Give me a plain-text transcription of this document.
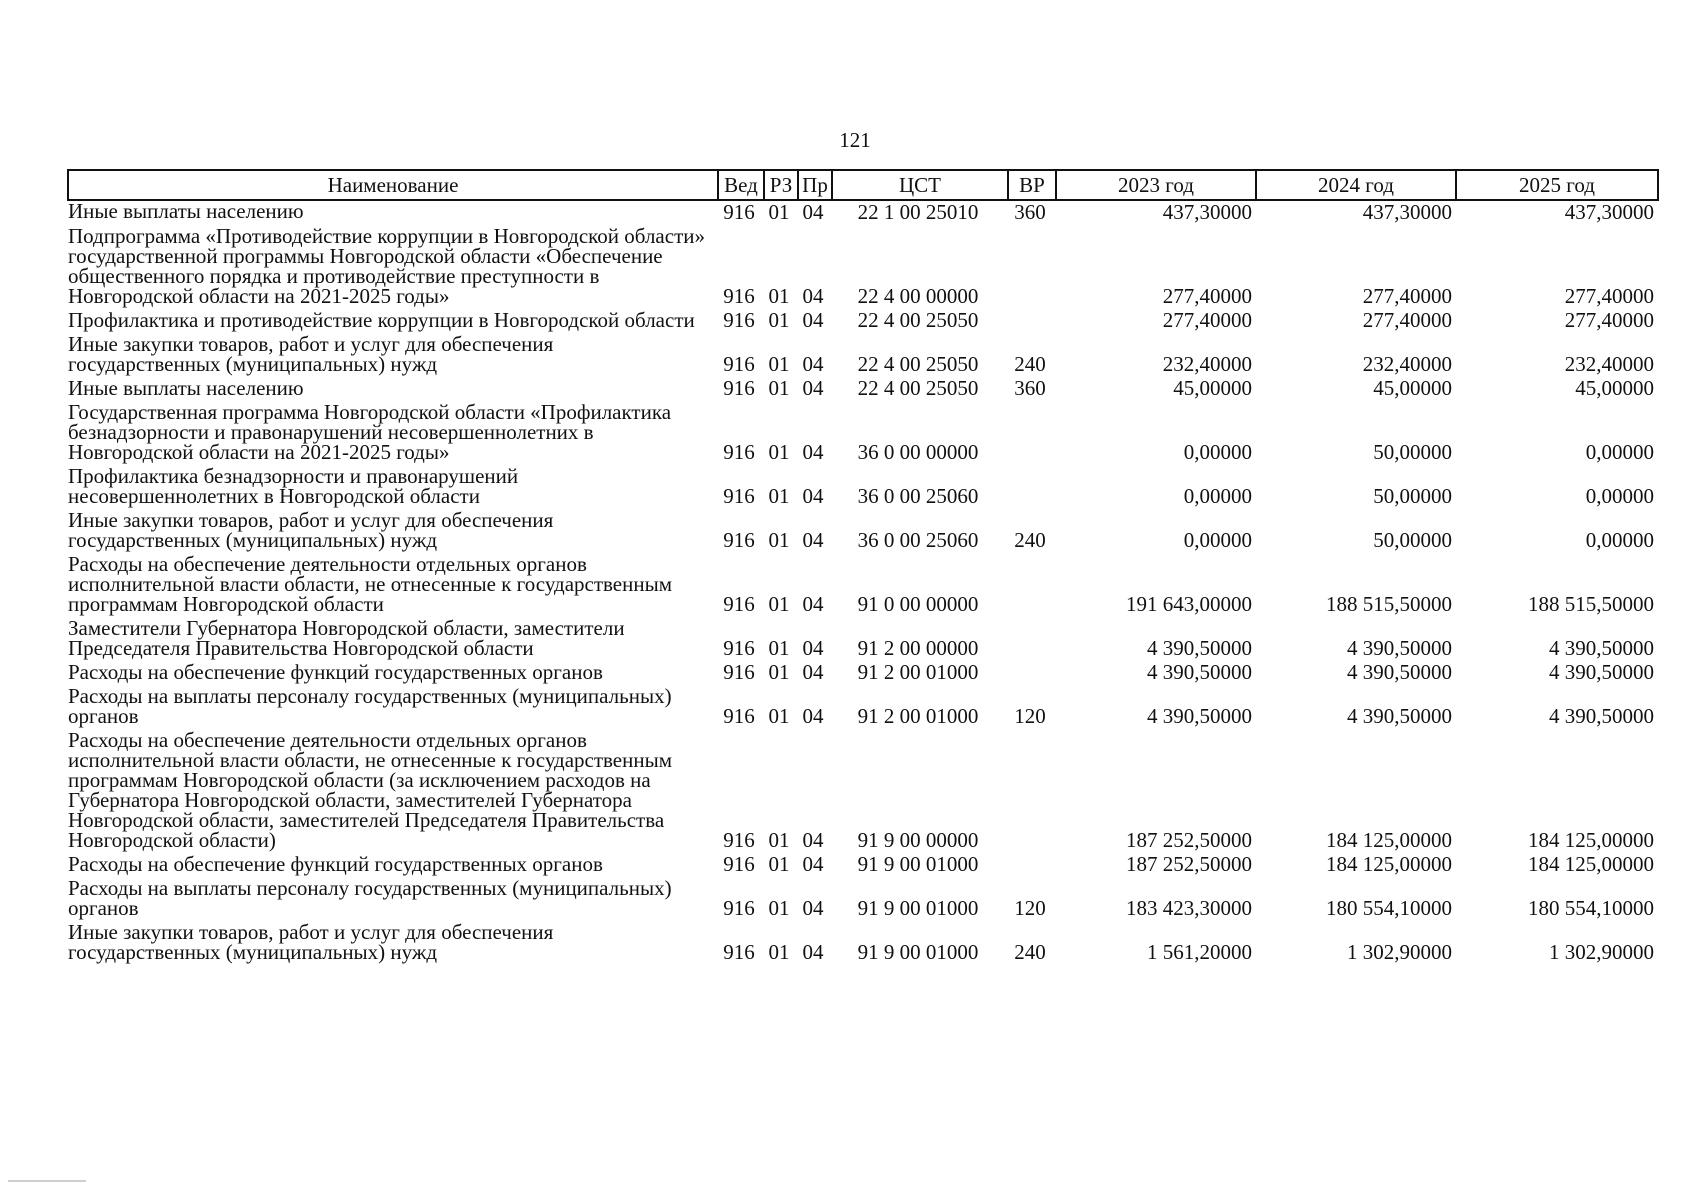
121
Наименование	Вед	РЗ	Пр	ЦСТ	ВР	2023 год	2024 год	2025 год
Иные выплаты населению	916	01	04	22 1 00 25010	360	437,30000	437,30000	437,30000
Подпрограмма «Противодействие коррупции в Новгородской области» государственной программы Новгородской области «Обеспечение общественного порядка и противодействие преступности в Новгородской области на 2021-2025 годы»	916	01	04	22 4 00 00000		277,40000	277,40000	277,40000
Профилактика и противодействие коррупции в Новгородской области	916	01	04	22 4 00 25050		277,40000	277,40000	277,40000
Иные закупки товаров, работ и услуг для обеспечения государственных (муниципальных) нужд	916	01	04	22 4 00 25050	240	232,40000	232,40000	232,40000
Иные выплаты населению	916	01	04	22 4 00 25050	360	45,00000	45,00000	45,00000
Государственная программа Новгородской области «Профилактика безнадзорности и правонарушений несовершеннолетних в Новгородской области на 2021-2025 годы»	916	01	04	36 0 00 00000		0,00000	50,00000	0,00000
Профилактика безнадзорности и правонарушений несовершеннолетних в Новгородской области	916	01	04	36 0 00 25060		0,00000	50,00000	0,00000
Иные закупки товаров, работ и услуг для обеспечения государственных (муниципальных) нужд	916	01	04	36 0 00 25060	240	0,00000	50,00000	0,00000
Расходы на обеспечение деятельности отдельных органов исполнительной власти области, не отнесенные к государственным программам Новгородской области	916	01	04	91 0 00 00000		191 643,00000	188 515,50000	188 515,50000
Заместители Губернатора Новгородской области, заместители Председателя Правительства Новгородской области	916	01	04	91 2 00 00000		4 390,50000	4 390,50000	4 390,50000
Расходы на обеспечение функций государственных органов	916	01	04	91 2 00 01000		4 390,50000	4 390,50000	4 390,50000
Расходы на выплаты персоналу государственных (муниципальных) органов	916	01	04	91 2 00 01000	120	4 390,50000	4 390,50000	4 390,50000
Расходы на обеспечение деятельности отдельных органов исполнительной власти области, не отнесенные к государственным программам Новгородской области (за исключением расходов на Губернатора Новгородской области, заместителей Губернатора Новгородской области, заместителей Председателя Правительства Новгородской области)	916	01	04	91 9 00 00000		187 252,50000	184 125,00000	184 125,00000
Расходы на обеспечение функций государственных органов	916	01	04	91 9 00 01000		187 252,50000	184 125,00000	184 125,00000
Расходы на выплаты персоналу государственных (муниципальных) органов	916	01	04	91 9 00 01000	120	183 423,30000	180 554,10000	180 554,10000
Иные закупки товаров, работ и услуг для обеспечения государственных (муниципальных) нужд	916	01	04	91 9 00 01000	240	1 561,20000	1 302,90000	1 302,90000
